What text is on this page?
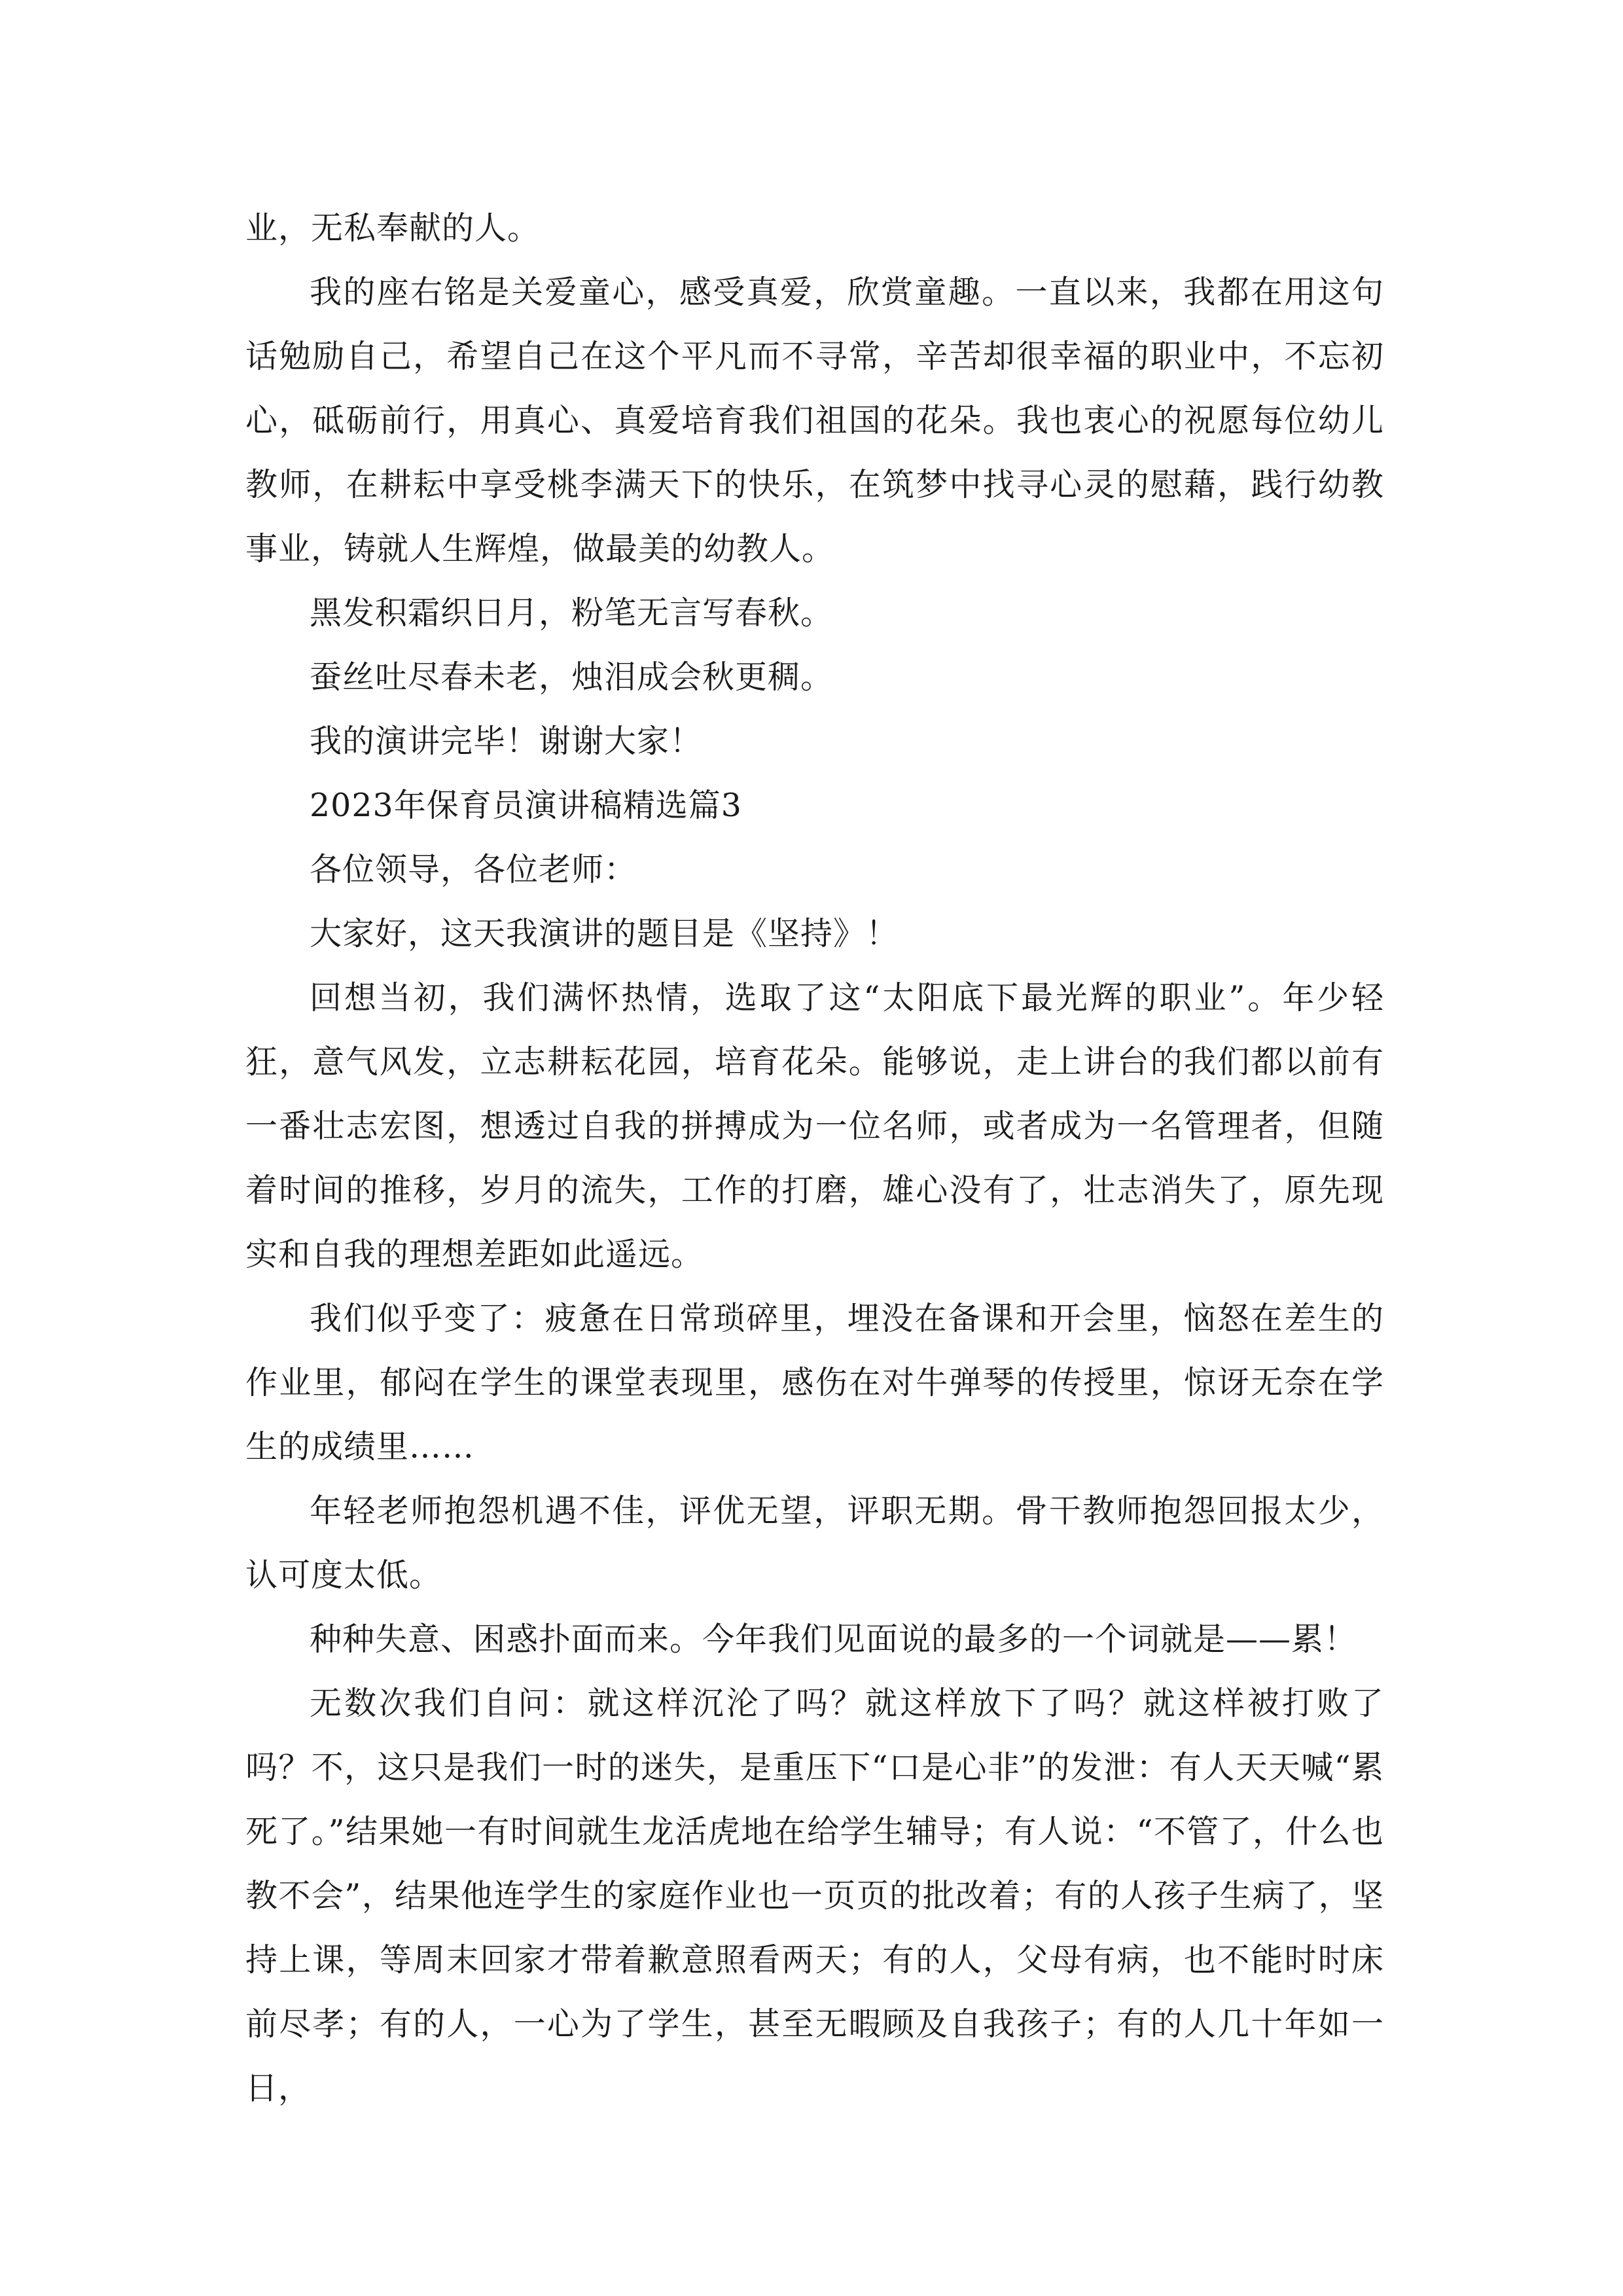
业，无私奉献的人。

我的座右铭是关爱童心，感受真爱，欣赏童趣。一直以来，我都在用这句话勉励自己，希望自己在这个平凡而不寻常，辛苦却很幸福的职业中，不忘初心，砥砺前行，用真心、真爱培育我们祖国的花朵。我也衷心的祝愿每位幼儿教师，在耕耘中享受桃李满天下的快乐，在筑梦中找寻心灵的慰藉，践行幼教事业，铸就人生辉煌，做最美的幼教人。

黑发积霜织日月，粉笔无言写春秋。

蚕丝吐尽春未老，烛泪成会秋更稠。

我的演讲完毕！谢谢大家！

2023年保育员演讲稿精选篇3

各位领导，各位老师：

大家好，这天我演讲的题目是《坚持》！

回想当初，我们满怀热情，选取了这“太阳底下最光辉的职业”。年少轻狂，意气风发，立志耕耘花园，培育花朵。能够说，走上讲台的我们都以前有一番壮志宏图，想透过自我的拼搏成为一位名师，或者成为一名管理者，但随着时间的推移，岁月的流失，工作的打磨，雄心没有了，壮志消失了，原先现实和自我的理想差距如此遥远。

我们似乎变了：疲惫在日常琐碎里，埋没在备课和开会里，恼怒在差生的作业里，郁闷在学生的课堂表现里，感伤在对牛弹琴的传授里，惊讶无奈在学生的成绩里……

年轻老师抱怨机遇不佳，评优无望，评职无期。骨干教师抱怨回报太少，认可度太低。

种种失意、困惑扑面而来。今年我们见面说的最多的一个词就是——累！

无数次我们自问：就这样沉沦了吗？就这样放下了吗？就这样被打败了吗？不，这只是我们一时的迷失，是重压下“口是心非”的发泄：有人天天喊“累死了。”结果她一有时间就生龙活虎地在给学生辅导；有人说：“不管了，什么也教不会”，结果他连学生的家庭作业也一页页的批改着；有的人孩子生病了，坚持上课，等周末回家才带着歉意照看两天；有的人，父母有病，也不能时时床前尽孝；有的人，一心为了学生，甚至无暇顾及自我孩子；有的人几十年如一日，
